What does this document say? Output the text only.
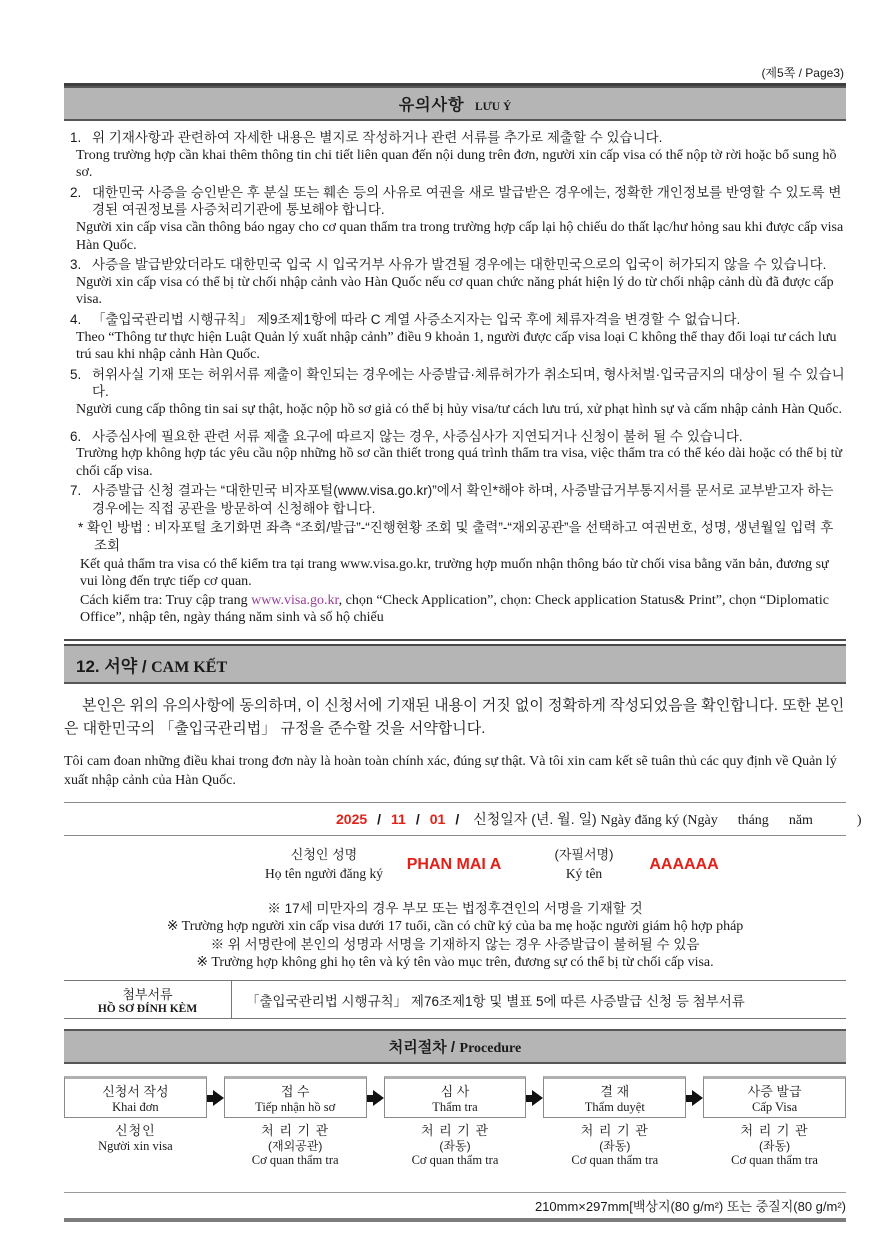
(제5쪽 / Page3)
유의사항 LƯU Ý
1. 위 기재사항과 관련하여 자세한 내용은 별지로 작성하거나 관련 서류를 추가로 제출할 수 있습니다.
Trong trường hợp cần khai thêm thông tin chi tiết liên quan đến nội dung trên đơn, người xin cấp visa có thể nộp tờ rời hoặc bổ sung hồ sơ.
2. 대한민국 사증을 승인받은 후 분실 또는 훼손 등의 사유로 여권을 새로 발급받은 경우에는, 정확한 개인정보를 반영할 수 있도록 변경된 여권정보를 사증처리기관에 통보해야 합니다.
Người xin cấp visa cần thông báo ngay cho cơ quan thẩm tra trong trường hợp cấp lại hộ chiếu do thất lạc/hư hỏng sau khi được cấp visa Hàn Quốc.
3. 사증을 발급받았더라도 대한민국 입국 시 입국거부 사유가 발견될 경우에는 대한민국으로의 입국이 허가되지 않을 수 있습니다.
Người xin cấp visa có thể bị từ chối nhập cảnh vào Hàn Quốc nếu cơ quan chức năng phát hiện lý do từ chối nhập cảnh dù đã được cấp visa.
4. 「출입국관리법 시행규칙」 제9조제1항에 따라 C 계열 사증소지자는 입국 후에 체류자격을 변경할 수 없습니다.
Theo “Thông tư thực hiện Luật Quản lý xuất nhập cảnh” điều 9 khoản 1, người được cấp visa loại C không thể thay đổi loại tư cách lưu trú sau khi nhập cảnh Hàn Quốc.
5. 허위사실 기재 또는 허위서류 제출이 확인되는 경우에는 사증발급·체류허가가 취소되며, 형사처벌·입국금지의 대상이 될 수 있습니다.
Người cung cấp thông tin sai sự thật, hoặc nộp hồ sơ giả có thể bị hủy visa/tư cách lưu trú, xử phạt hình sự và cấm nhập cảnh Hàn Quốc.
6. 사증심사에 필요한 관련 서류 제출 요구에 따르지 않는 경우, 사증심사가 지연되거나 신청이 불허 될 수 있습니다.
Trường hợp không hợp tác yêu cầu nộp những hồ sơ cần thiết trong quá trình thẩm tra visa, việc thẩm tra có thể kéo dài hoặc có thể bị từ chối cấp visa.
7. 사증발급 신청 결과는 “대한민국 비자포털(www.visa.go.kr)”에서 확인*해야 하며, 사증발급거부통지서를 문서로 교부받고자 하는 경우에는 직접 공관을 방문하여 신청해야 합니다.
* 확인 방법 : 비자포털 초기화면 좌측 “조회/발급”-“진행현황 조회 및 출력”-“재외공관”을 선택하고 여권번호, 성명, 생년월일 입력 후 조회
Kết quả thẩm tra visa có thể kiểm tra tại trang www.visa.go.kr, trường hợp muốn nhận thông báo từ chối visa bằng văn bản, đương sự vui lòng đến trực tiếp cơ quan.
Cách kiểm tra: Truy cập trang www.visa.go.kr, chọn “Check Application”, chọn: Check application Status& Print”, chọn “Diplomatic Office”, nhập tên, ngày tháng năm sinh và số hộ chiếu
12. 서약 / CAM KẾT

본인은 위의 유의사항에 동의하며, 이 신청서에 기재된 내용이 거짓 없이 정확하게 작성되었음을 확인합니다. 또한 본인은 대한민국의 「출입국관리법」 규정을 준수할 것을 서약합니다.

Tôi cam đoan những điều khai trong đơn này là hoàn toàn chính xác, đúng sự thật. Và tôi xin cam kết sẽ tuân thủ các quy định về Quản lý xuất nhập cảnh của Hàn Quốc.

2025 / 11 / 01 / 신청일자 (년. 월. 일) Ngày đăng ký (Ngày tháng năm	)
신청인 성명
Họ tên người đăng ký
PHAN MAI A
(자필서명)
Ký tên
AAAAAA
※ 17세 미만자의 경우 부모 또는 법정후견인의 서명을 기재할 것
※ Trường hợp người xin cấp visa dưới 17 tuổi, cần có chữ ký của ba mẹ hoặc người giám hộ hợp pháp
※ 위 서명란에 본인의 성명과 서명을 기재하지 않는 경우 사증발급이 불허될 수 있음
※ Trường hợp không ghi họ tên và ký tên vào mục trên, đương sự có thể bị từ chối cấp visa.
첨부서류
HỒ SƠ ĐÍNH KÈM
「출입국관리법 시행규칙」 제76조제1항 및 별표 5에 따른 사증발급 신청 등 첨부서류
처리절차 / Procedure
신청서 작성
Khai đơn
신청인
Người xin visa
접 수
Tiếp nhận hồ sơ
처 리 기 관
(재외공관)
Cơ quan thẩm tra
심 사
Thẩm tra
처 리 기 관
(좌동)
Cơ quan thẩm tra
결 재
Thẩm duyệt
처 리 기 관
(좌동)
Cơ quan thẩm tra
사증 발급
Cấp Visa
처 리 기 관
(좌동)
Cơ quan thẩm tra
210mm×297mm[백상지(80 g/m²) 또는 중질지(80 g/m²)
